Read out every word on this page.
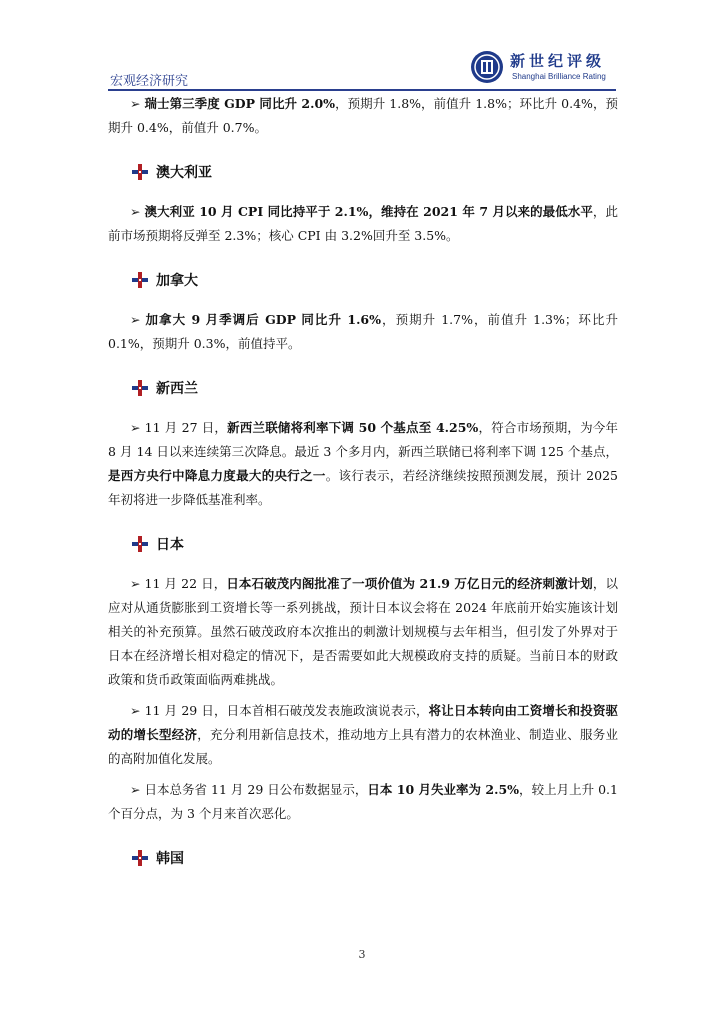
宏观经济研究
新世纪评级
Shanghai Brilliance Rating

➢ 瑞士第三季度 GDP 同比升 2.0%，预期升 1.8%，前值升 1.8%；环比升 0.4%，预期升 0.4%，前值升 0.7%。

澳大利亚

➢ 澳大利亚 10 月 CPI 同比持平于 2.1%，维持在 2021 年 7 月以来的最低水平，此前市场预期将反弹至 2.3%；核心 CPI 由 3.2%回升至 3.5%。

加拿大

➢ 加拿大 9 月季调后 GDP 同比升 1.6%，预期升 1.7%，前值升 1.3%；环比升 0.1%，预期升 0.3%，前值持平。

新西兰

➢ 11 月 27 日，新西兰联储将利率下调 50 个基点至 4.25%，符合市场预期，为今年 8 月 14 日以来连续第三次降息。最近 3 个多月内，新西兰联储已将利率下调 125 个基点，是西方央行中降息力度最大的央行之一。该行表示，若经济继续按照预测发展，预计 2025 年初将进一步降低基准利率。

日本

➢ 11 月 22 日，日本石破茂内阁批准了一项价值为 21.9 万亿日元的经济刺激计划，以应对从通货膨胀到工资增长等一系列挑战，预计日本议会将在 2024 年底前开始实施该计划相关的补充预算。虽然石破茂政府本次推出的刺激计划规模与去年相当，但引发了外界对于日本在经济增长相对稳定的情况下，是否需要如此大规模政府支持的质疑。当前日本的财政政策和货币政策面临两难挑战。

➢ 11 月 29 日，日本首相石破茂发表施政演说表示，将让日本转向由工资增长和投资驱动的增长型经济，充分利用新信息技术，推动地方上具有潜力的农林渔业、制造业、服务业的高附加值化发展。

➢ 日本总务省 11 月 29 日公布数据显示，日本 10 月失业率为 2.5%，较上月上升 0.1 个百分点，为 3 个月来首次恶化。

韩国
3
